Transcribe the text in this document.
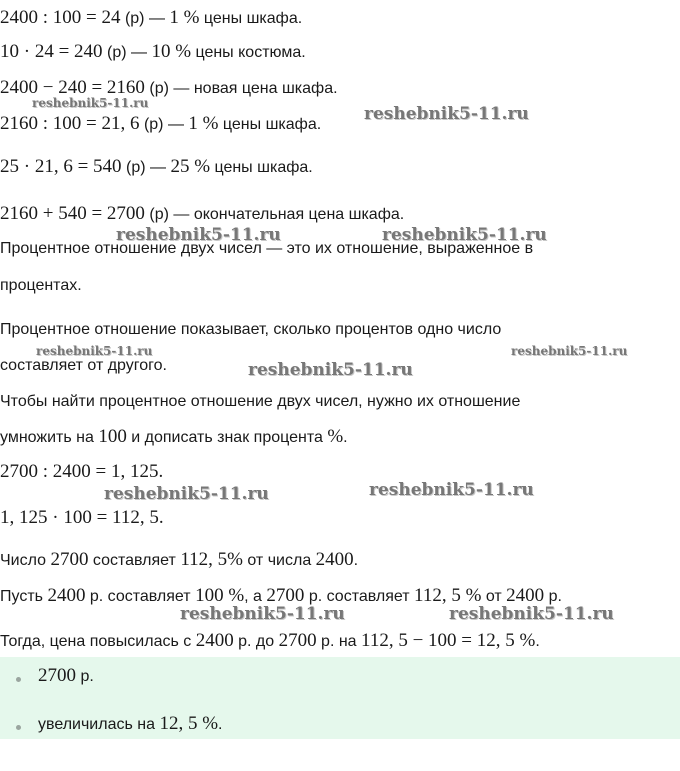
2400 : 100 = 24 (р) — 1 % цены шкафа.
10 · 24 = 240 (р) — 10 % цены костюма.
2400 − 240 = 2160 (р) — новая цена шкафа.
2160 : 100 = 21, 6 (р) — 1 % цены шкафа.
25 · 21, 6 = 540 (р) — 25 % цены шкафа.
2160 + 540 = 2700 (р) — окончательная цена шкафа.
Процентное отношение двух чисел — это их отношение, выраженное в
процентах.
Процентное отношение показывает, сколько процентов одно число
составляет от другого.
Чтобы найти процентное отношение двух чисел, нужно их отношение
умножить на 100 и дописать знак процента %.
2700 : 2400 = 1, 125.
1, 125 · 100 = 112, 5.
Число 2700 составляет 112, 5% от числа 2400.
Пусть 2400 р. составляет 100 %, а 2700 р. составляет 112, 5 % от 2400 р.
Тогда, цена повысилась с 2400 р. до 2700 р. на 112, 5 − 100 = 12, 5 %.
2700 р.
увеличилась на 12, 5 %.
reshebnik5-11.ru
reshebnik5-11.ru
reshebnik5-11.ru	reshebnik5-11.ru
reshebnik5-11.ru	reshebnik5-11.ru
reshebnik5-11.ru
reshebnik5-11.ru	reshebnik5-11.ru
reshebnik5-11.ru	reshebnik5-11.ru
